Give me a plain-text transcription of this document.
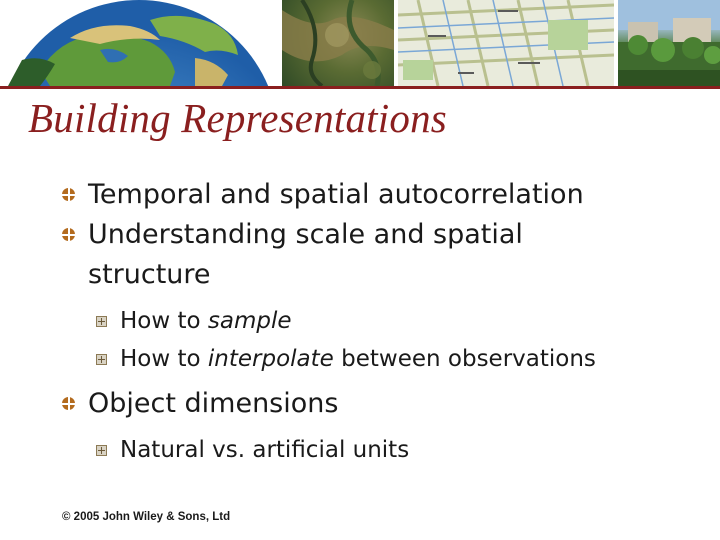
Building Representations
Temporal and spatial autocorrelation
Understanding scale and spatial
structure
How to sample
How to interpolate between observations
Object dimensions
Natural vs. artificial units
© 2005 John Wiley & Sons, Ltd
